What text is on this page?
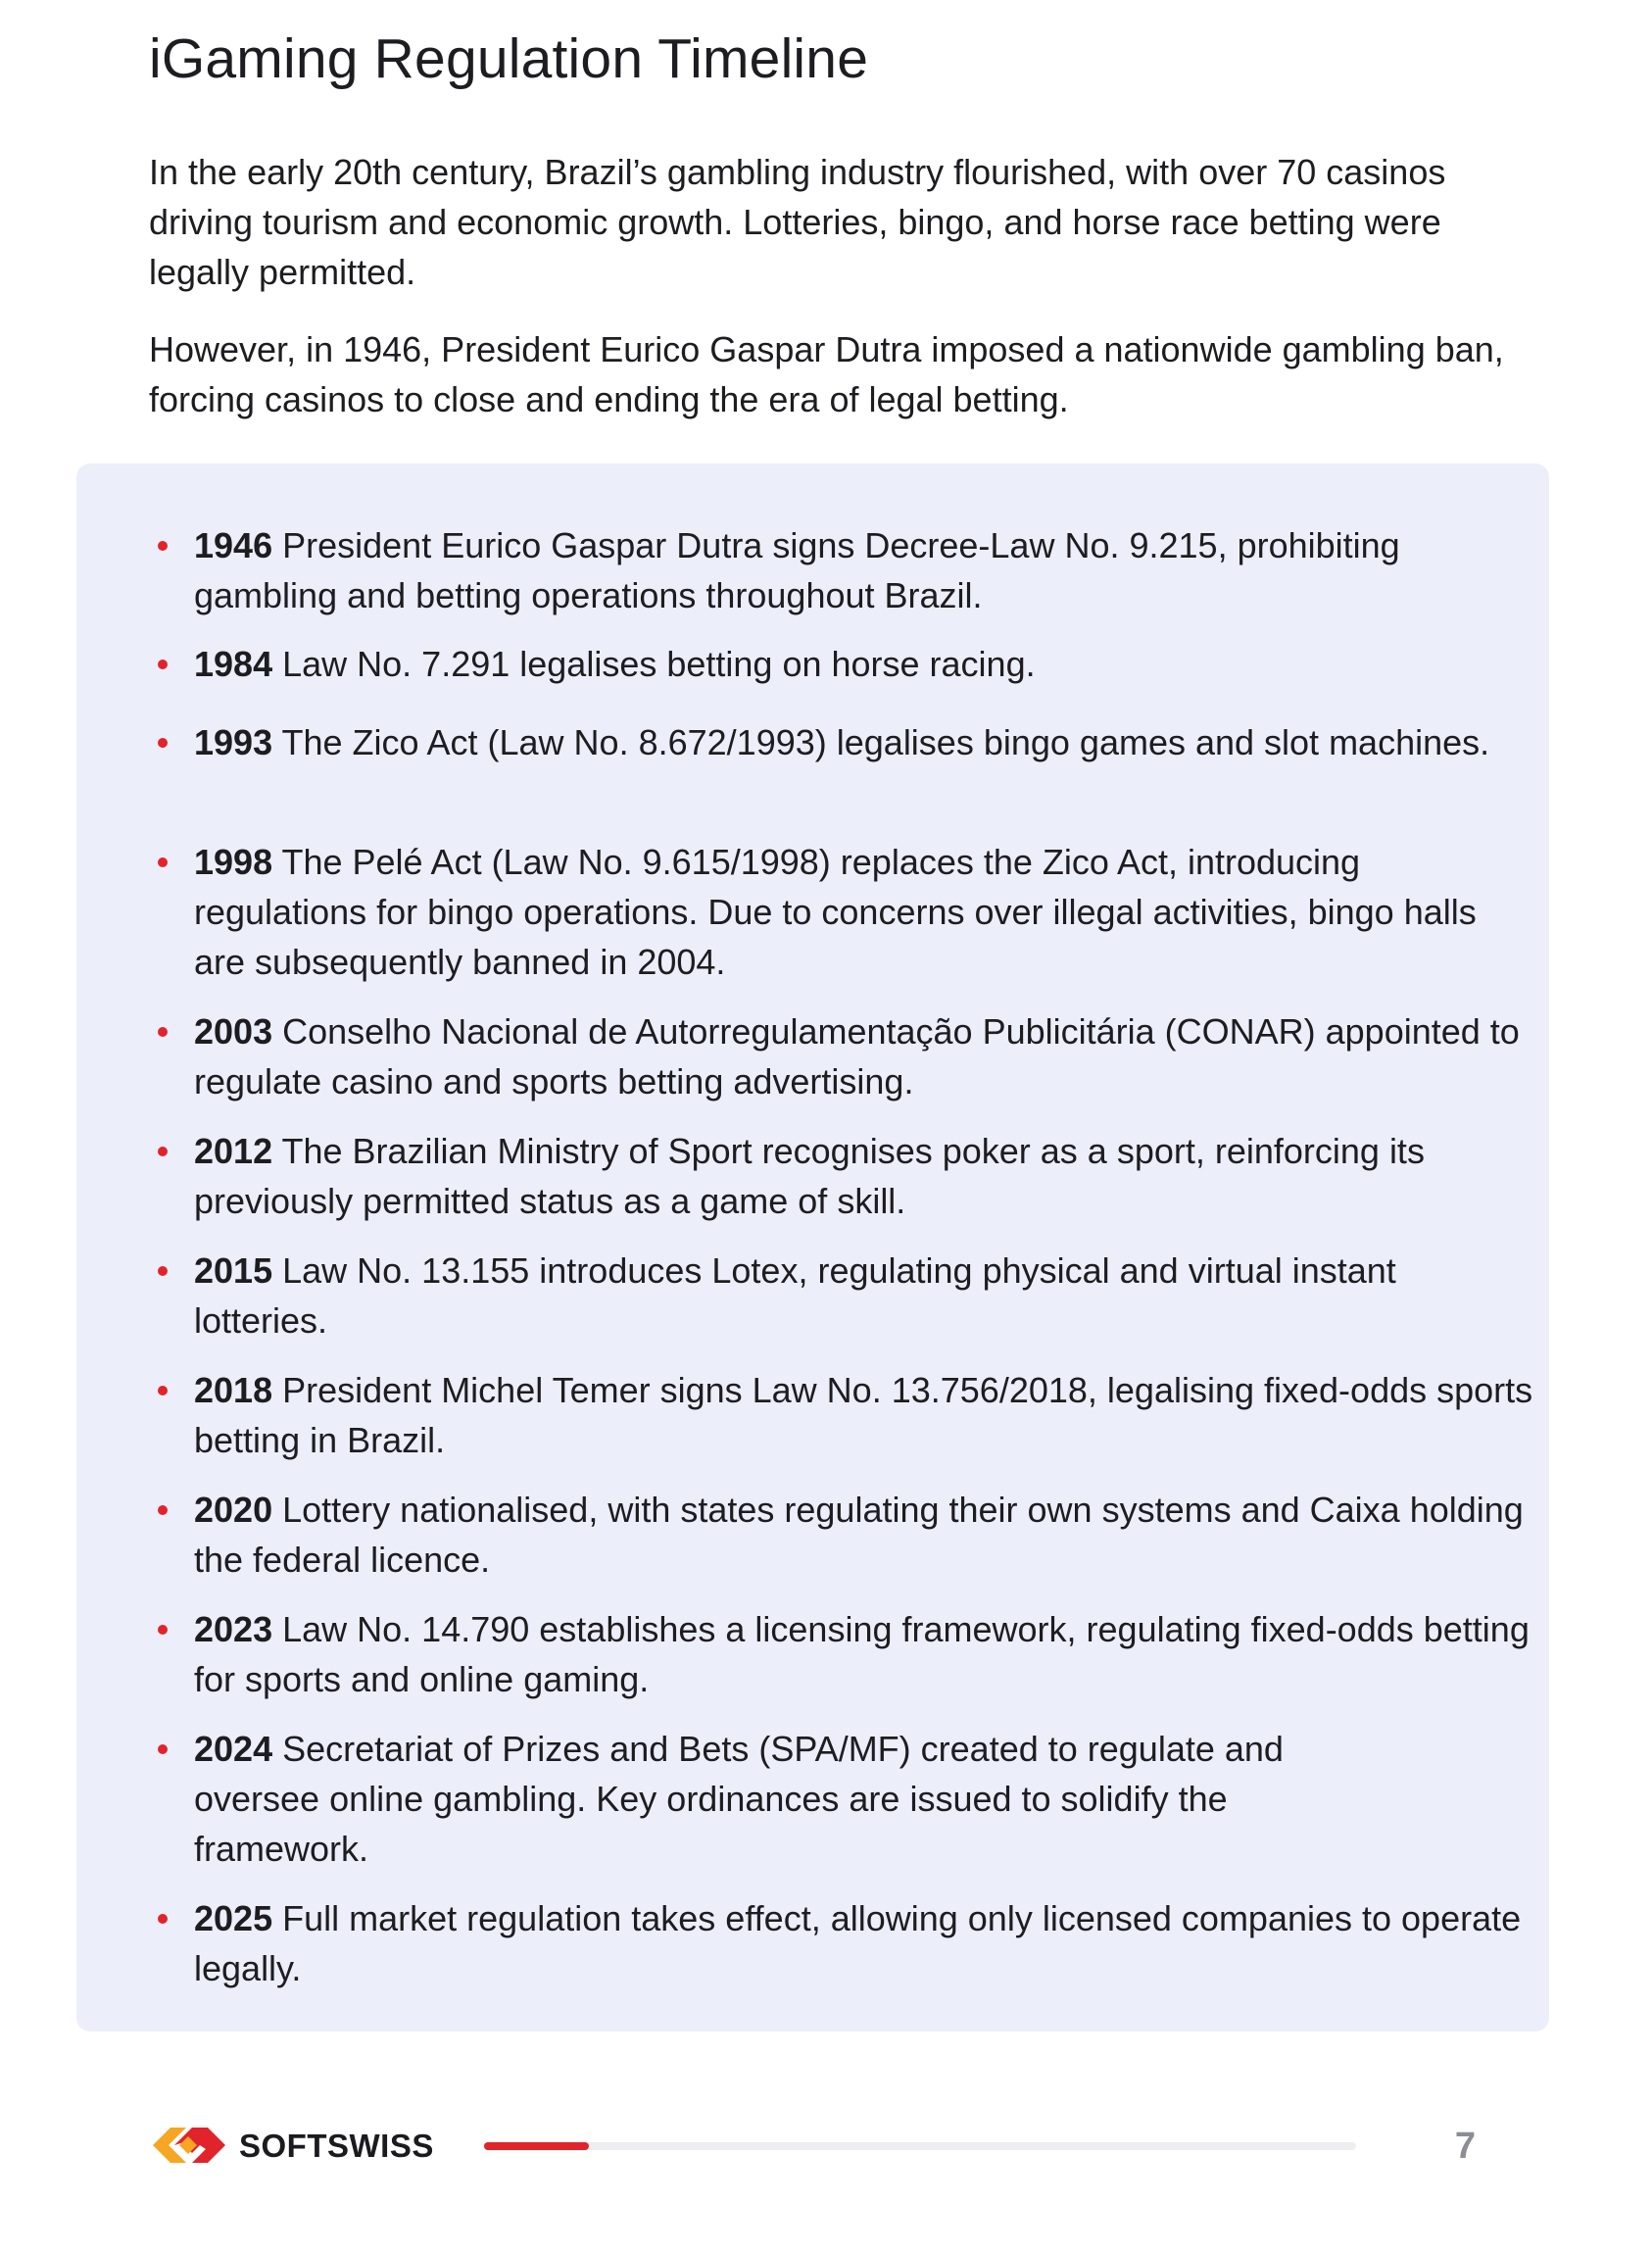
iGaming Regulation Timeline

In the early 20th century, Brazil’s gambling industry flourished, with over 70 casinos driving tourism and economic growth. Lotteries, bingo, and horse race betting were legally permitted.

However, in 1946, President Eurico Gaspar Dutra imposed a nationwide gambling ban, forcing casinos to close and ending the era of legal betting.

1946 President Eurico Gaspar Dutra signs Decree-Law No. 9.215, prohibiting gambling and betting operations throughout Brazil.

1984 Law No. 7.291 legalises betting on horse racing.

1993 The Zico Act (Law No. 8.672/1993) legalises bingo games and slot machines.

1998 The Pelé Act (Law No. 9.615/1998) replaces the Zico Act, introducing regulations for bingo operations. Due to concerns over illegal activities, bingo halls are subsequently banned in 2004.

2003 Conselho Nacional de Autorregulamentação Publicitária (CONAR) appointed to regulate casino and sports betting advertising.

2012 The Brazilian Ministry of Sport recognises poker as a sport, reinforcing its previously permitted status as a game of skill.

2015 Law No. 13.155 introduces Lotex, regulating physical and virtual instant lotteries.

2018 President Michel Temer signs Law No. 13.756/2018, legalising fixed-odds sports betting in Brazil.

2020 Lottery nationalised, with states regulating their own systems and Caixa holding the federal licence.

2023 Law No. 14.790 establishes a licensing framework, regulating fixed-odds betting for sports and online gaming.

2024 Secretariat of Prizes and Bets (SPA/MF) created to regulate and oversee online gambling. Key ordinances are issued to solidify the framework.

2025 Full market regulation takes effect, allowing only licensed companies to operate legally.

SOFTSWISS	7
